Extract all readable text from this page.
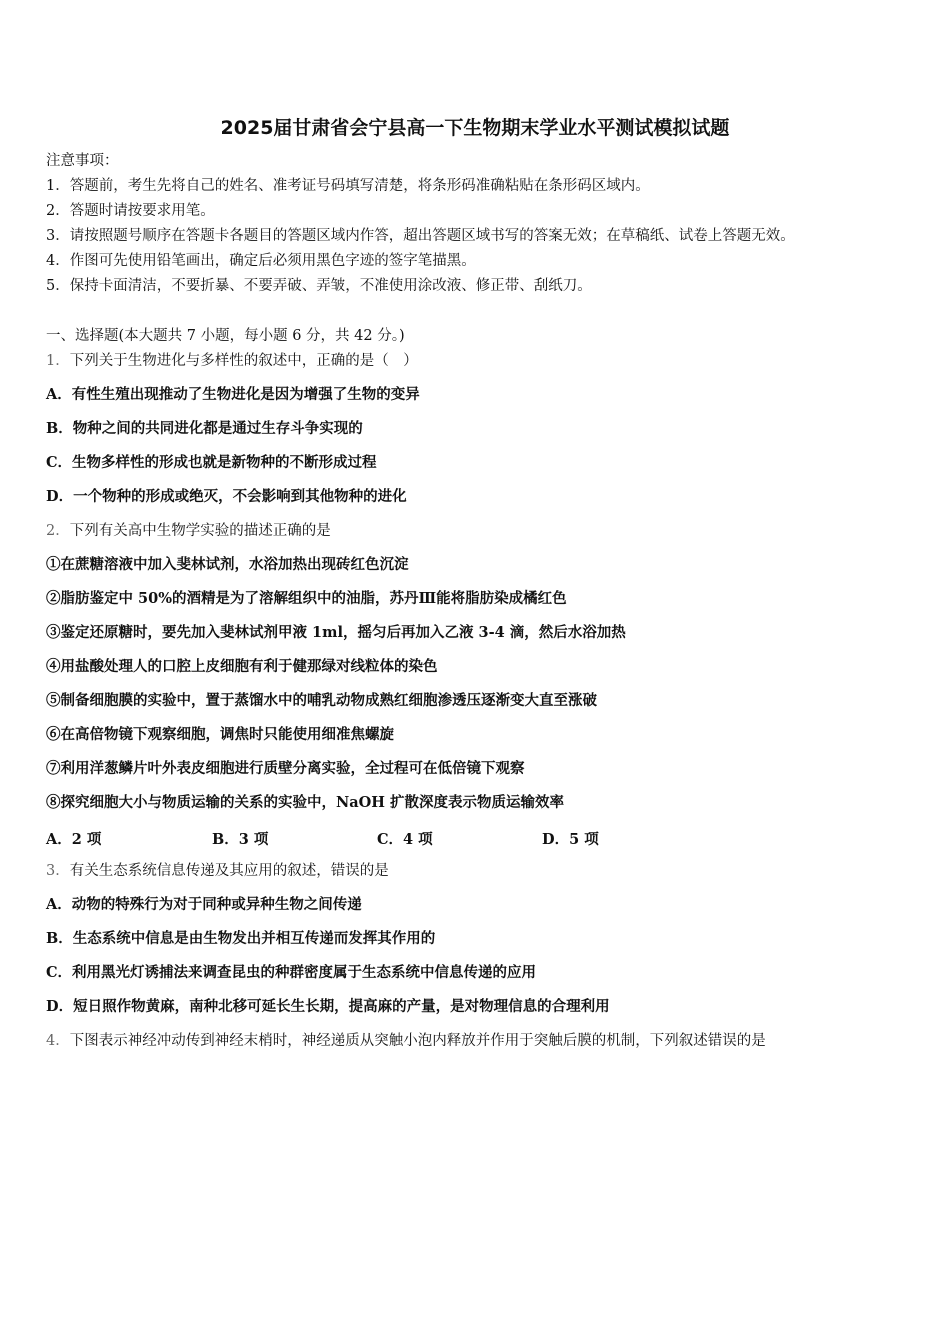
2025届甘肃省会宁县高一下生物期末学业水平测试模拟试题
注意事项：
1．答题前，考生先将自己的姓名、准考证号码填写清楚，将条形码准确粘贴在条形码区域内。
2．答题时请按要求用笔。
3．请按照题号顺序在答题卡各题目的答题区域内作答，超出答题区域书写的答案无效；在草稿纸、试卷上答题无效。
4．作图可先使用铅笔画出，确定后必须用黑色字迹的签字笔描黑。
5．保持卡面清洁，不要折暴、不要弄破、弄皱，不准使用涂改液、修正带、刮纸刀。
一、选择题(本大题共 7 小题，每小题 6 分，共 42 分。)
1．下列关于生物进化与多样性的叙述中，正确的是（　）
A．有性生殖出现推动了生物进化是因为增强了生物的变异
B．物种之间的共同进化都是通过生存斗争实现的
C．生物多样性的形成也就是新物种的不断形成过程
D．一个物种的形成或绝灭，不会影响到其他物种的进化
2．下列有关高中生物学实验的描述正确的是
①在蔗糖溶液中加入斐林试剂，水浴加热出现砖红色沉淀
②脂肪鉴定中 50%的酒精是为了溶解组织中的油脂，苏丹Ⅲ能将脂肪染成橘红色
③鉴定还原糖时，要先加入斐林试剂甲液 1ml，摇匀后再加入乙液 3-4 滴，然后水浴加热
④用盐酸处理人的口腔上皮细胞有利于健那绿对线粒体的染色
⑤制备细胞膜的实验中，置于蒸馏水中的哺乳动物成熟红细胞渗透压逐渐变大直至涨破
⑥在高倍物镜下观察细胞，调焦时只能使用细准焦螺旋
⑦利用洋葱鳞片叶外表皮细胞进行质壁分离实验，全过程可在低倍镜下观察
⑧探究细胞大小与物质运输的关系的实验中，NaOH 扩散深度表示物质运输效率
A．2 项	B．3 项	C．4 项	D．5 项
3．有关生态系统信息传递及其应用的叙述，错误的是
A．动物的特殊行为对于同种或异种生物之间传递
B．生态系统中信息是由生物发出并相互传递而发挥其作用的
C．利用黑光灯诱捕法来调查昆虫的种群密度属于生态系统中信息传递的应用
D．短日照作物黄麻，南种北移可延长生长期，提高麻的产量，是对物理信息的合理利用
4．下图表示神经冲动传到神经末梢时，神经递质从突触小泡内释放并作用于突触后膜的机制，下列叙述错误的是
